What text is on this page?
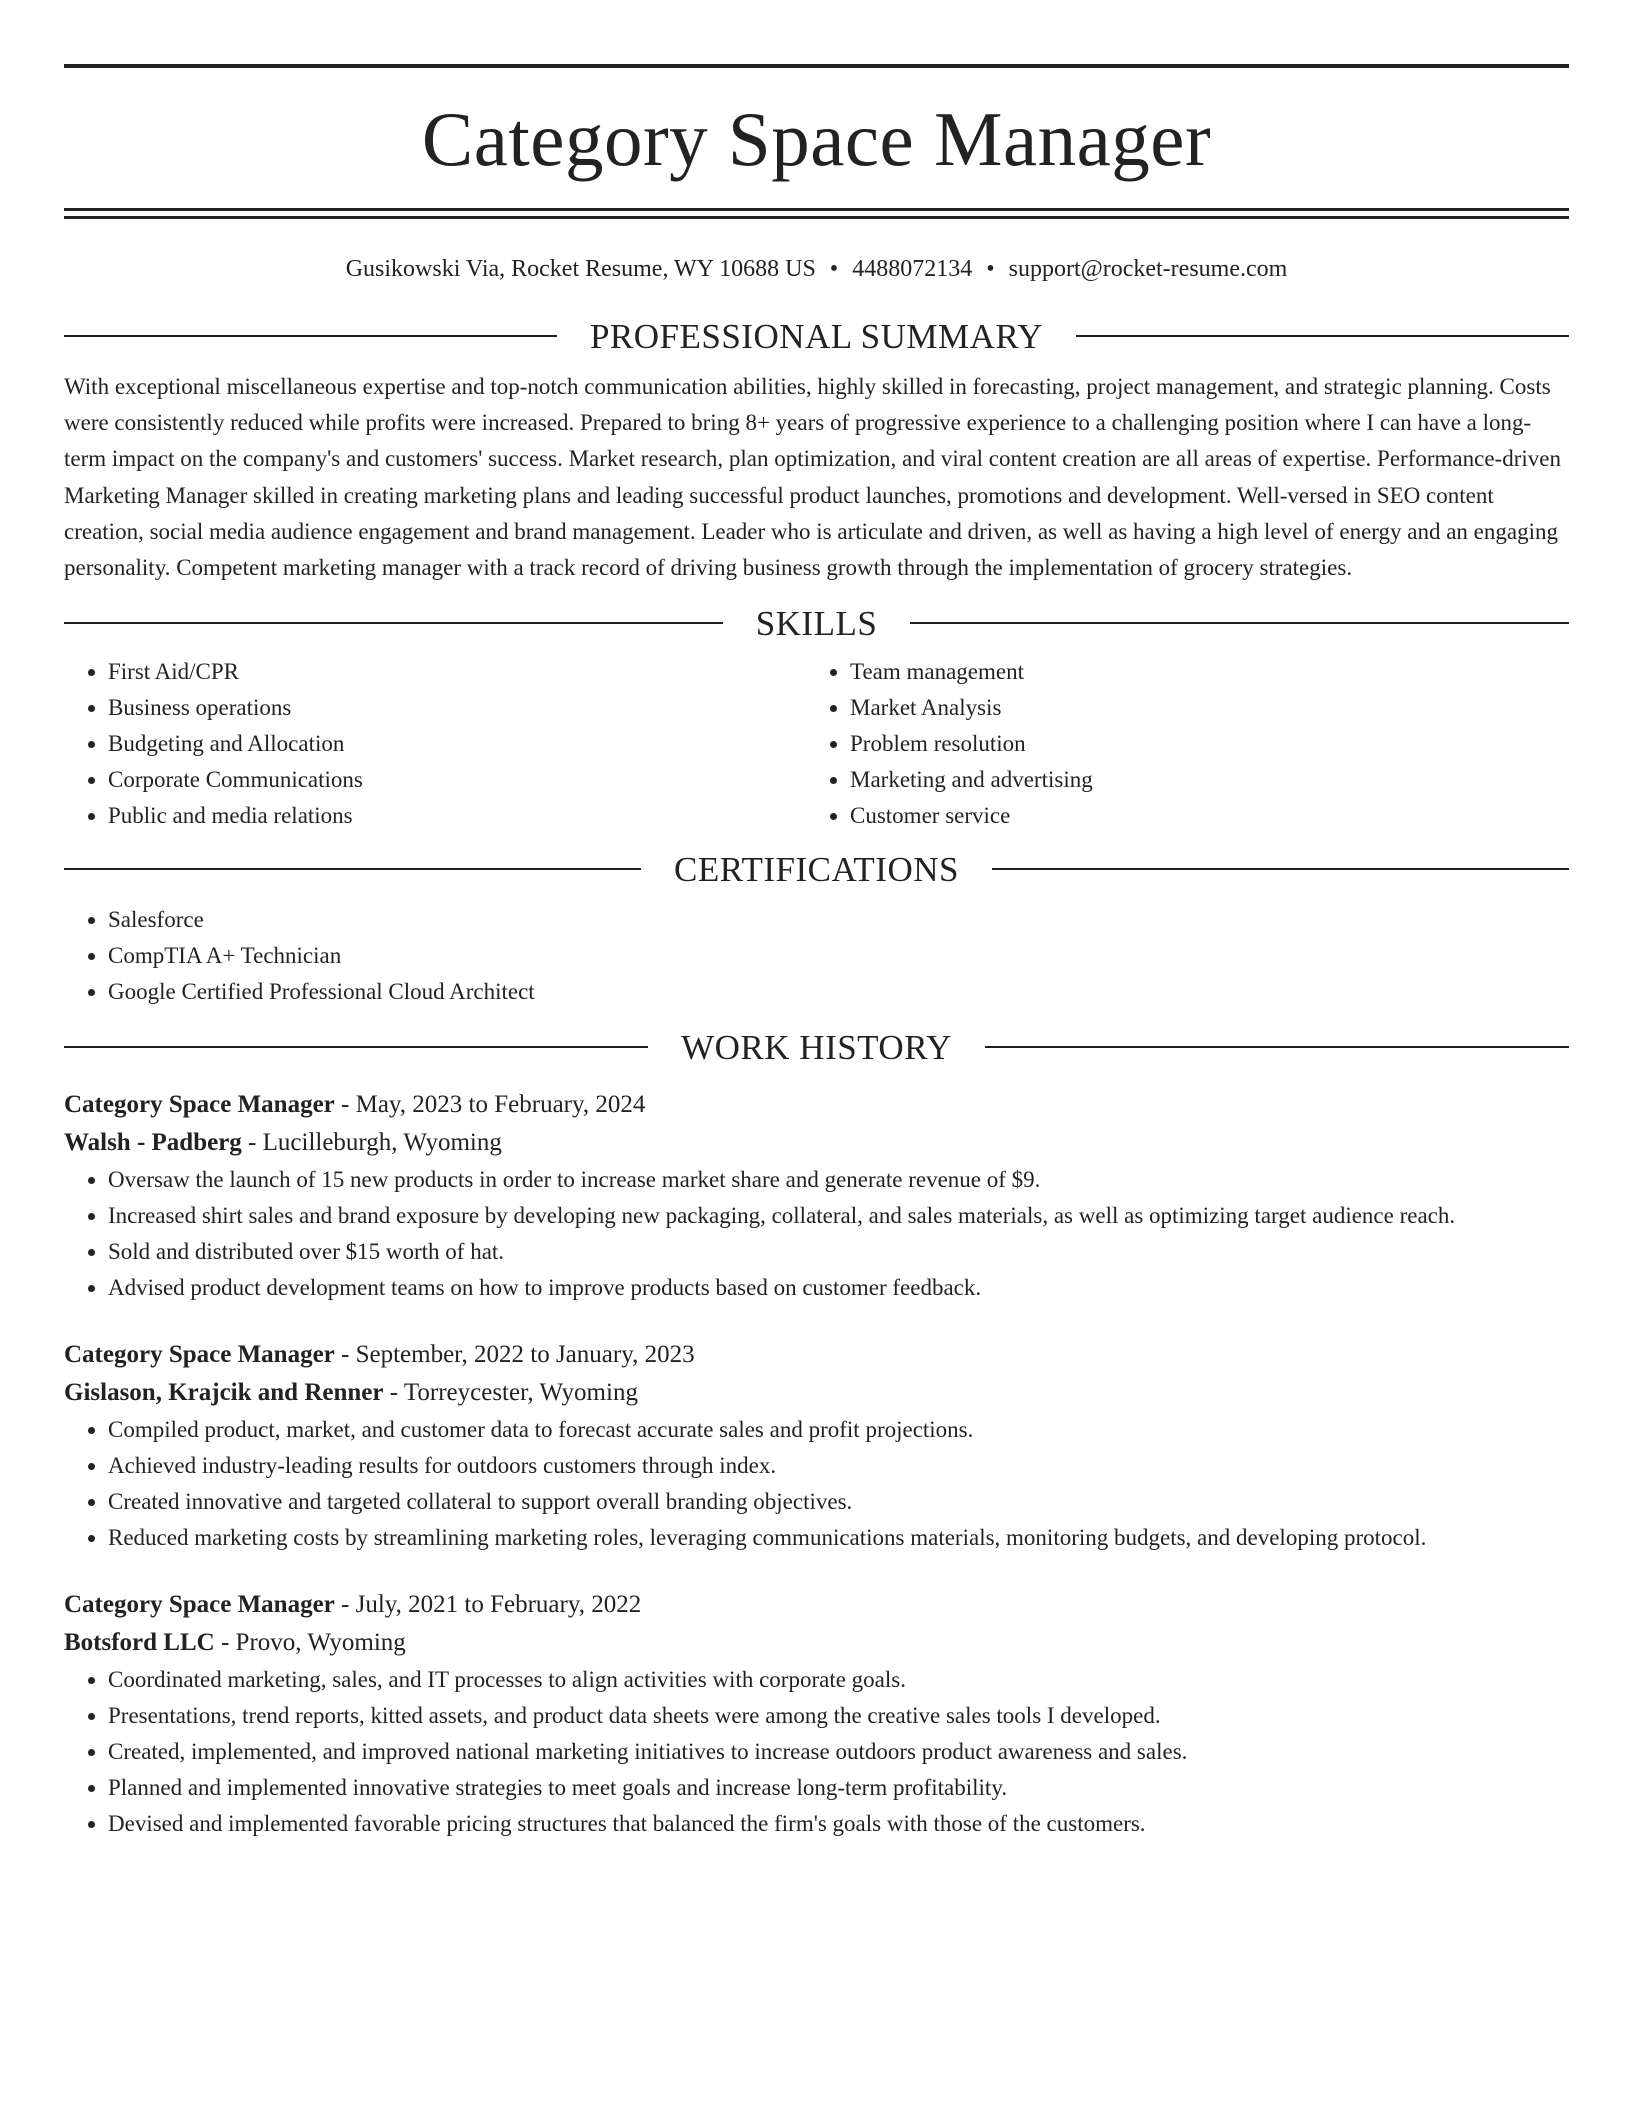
Category Space Manager
Gusikowski Via, Rocket Resume, WY 10688 US • 4488072134 • support@rocket-resume.com
PROFESSIONAL SUMMARY

With exceptional miscellaneous expertise and top-notch communication abilities, highly skilled in forecasting, project management, and strategic planning. Costs were consistently reduced while profits were increased. Prepared to bring 8+ years of progressive experience to a challenging position where I can have a long-term impact on the company's and customers' success. Market research, plan optimization, and viral content creation are all areas of expertise. Performance-driven Marketing Manager skilled in creating marketing plans and leading successful product launches, promotions and development. Well-versed in SEO content creation, social media audience engagement and brand management. Leader who is articulate and driven, as well as having a high level of energy and an engaging personality. Competent marketing manager with a track record of driving business growth through the implementation of grocery strategies.

SKILLS
• First Aid/CPR
• Business operations
• Budgeting and Allocation
• Corporate Communications
• Public and media relations
• Team management
• Market Analysis
• Problem resolution
• Marketing and advertising
• Customer service
CERTIFICATIONS
• Salesforce
• CompTIA A+ Technician
• Google Certified Professional Cloud Architect
WORK HISTORY
Category Space Manager - May, 2023 to February, 2024
Walsh - Padberg - Lucilleburgh, Wyoming
• Oversaw the launch of 15 new products in order to increase market share and generate revenue of $9.
• Increased shirt sales and brand exposure by developing new packaging, collateral, and sales materials, as well as optimizing target audience reach.
• Sold and distributed over $15 worth of hat.
• Advised product development teams on how to improve products based on customer feedback.
Category Space Manager - September, 2022 to January, 2023
Gislason, Krajcik and Renner - Torreycester, Wyoming
• Compiled product, market, and customer data to forecast accurate sales and profit projections.
• Achieved industry-leading results for outdoors customers through index.
• Created innovative and targeted collateral to support overall branding objectives.
• Reduced marketing costs by streamlining marketing roles, leveraging communications materials, monitoring budgets, and developing protocol.
Category Space Manager - July, 2021 to February, 2022
Botsford LLC - Provo, Wyoming
• Coordinated marketing, sales, and IT processes to align activities with corporate goals.
• Presentations, trend reports, kitted assets, and product data sheets were among the creative sales tools I developed.
• Created, implemented, and improved national marketing initiatives to increase outdoors product awareness and sales.
• Planned and implemented innovative strategies to meet goals and increase long-term profitability.
• Devised and implemented favorable pricing structures that balanced the firm's goals with those of the customers.
